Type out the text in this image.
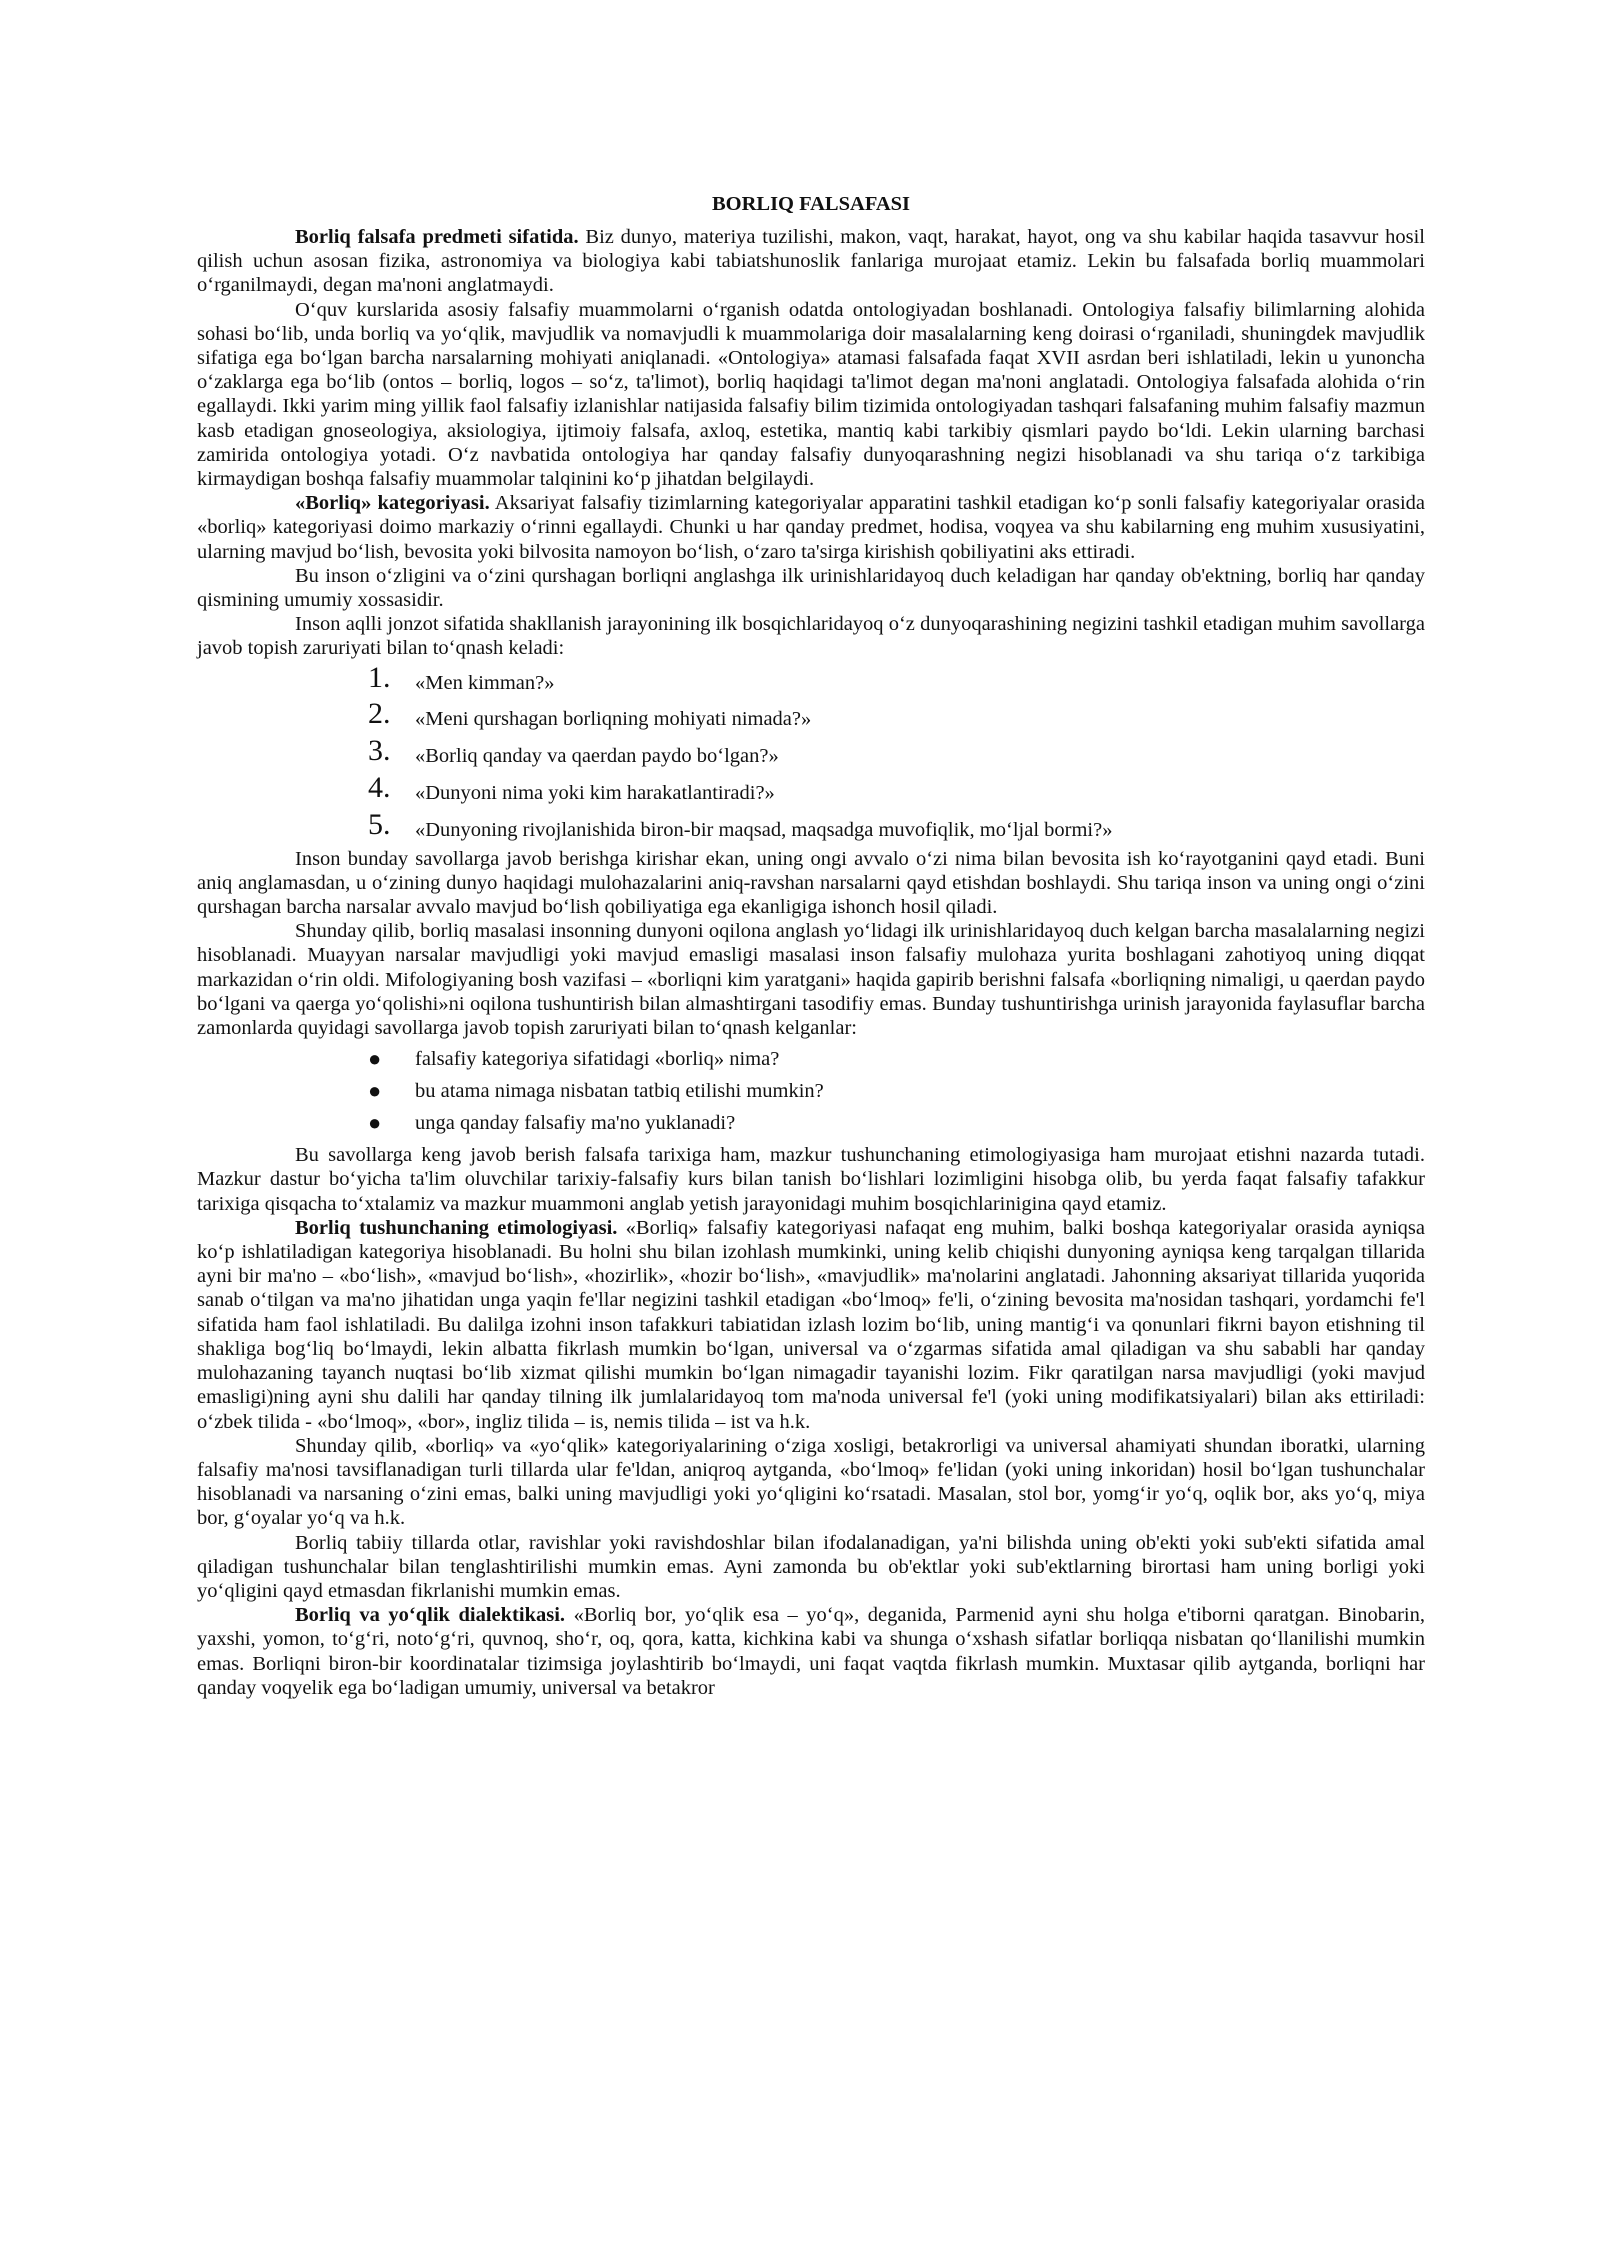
BORLIQ FALSAFASI

Borliq falsafa predmeti sifatida. Biz dunyo, materiya tuzilishi, makon, vaqt, harakat, hayot, ong va shu kabilar haqida tasavvur hosil qilish uchun asosan fizika, astronomiya va biologiya kabi tabiatshunoslik fanlariga murojaat etamiz. Lekin bu falsafada borliq muammolari oʻrganilmaydi, degan ma'noni anglatmaydi.

Oʻquv kurslarida asosiy falsafiy muammolarni oʻrganish odatda ontologiyadan boshlanadi. Ontologiya falsafiy bilimlarning alohida sohasi boʻlib, unda borliq va yoʻqlik, mavjudlik va nomavjudli k muammolariga doir masalalarning keng doirasi oʻrganiladi, shuningdek mavjudlik sifatiga ega boʻlgan barcha narsalarning mohiyati aniqlanadi. «Ontologiya» atamasi falsafada faqat XVII asrdan beri ishlatiladi, lekin u yunoncha oʻzaklarga ega boʻlib (ontos – borliq, logos – soʻz, ta'limot), borliq haqidagi ta'limot degan ma'noni anglatadi. Ontologiya falsafada alohida oʻrin egallaydi. Ikki yarim ming yillik faol falsafiy izlanishlar natijasida falsafiy bilim tizimida ontologiyadan tashqari falsafaning muhim falsafiy mazmun kasb etadigan gnoseologiya, aksiologiya, ijtimoiy falsafa, axloq, estetika, mantiq kabi tarkibiy qismlari paydo boʻldi. Lekin ularning barchasi zamirida ontologiya yotadi. Oʻz navbatida ontologiya har qanday falsafiy dunyoqarashning negizi hisoblanadi va shu tariqa oʻz tarkibiga kirmaydigan boshqa falsafiy muammolar talqinini koʻp jihatdan belgilaydi.

«Borliq» kategoriyasi. Aksariyat falsafiy tizimlarning kategoriyalar apparatini tashkil etadigan koʻp sonli falsafiy kategoriyalar orasida «borliq» kategoriyasi doimo markaziy oʻrinni egallaydi. Chunki u har qanday predmet, hodisa, voqyea va shu kabilarning eng muhim xususiyatini, ularning mavjud boʻlish, bevosita yoki bilvosita namoyon boʻlish, oʻzaro ta'sirga kirishish qobiliyatini aks ettiradi.

Bu inson oʻzligini va oʻzini qurshagan borliqni anglashga ilk urinishlaridayoq duch keladigan har qanday ob'ektning, borliq har qanday qismining umumiy xossasidir.

Inson aqlli jonzot sifatida shakllanish jarayonining ilk bosqichlaridayoq oʻz dunyoqarashining negizini tashkil etadigan muhim savollarga javob topish zaruriyati bilan toʻqnash keladi:

1. «Men kimman?»
2. «Meni qurshagan borliqning mohiyati nimada?»
3. «Borliq qanday va qaerdan paydo boʻlgan?»
4. «Dunyoni nima yoki kim harakatlantiradi?»
5. «Dunyoning rivojlanishida biron-bir maqsad, maqsadga muvofiqlik, moʻljal bormi?»

Inson bunday savollarga javob berishga kirishar ekan, uning ongi avvalo oʻzi nima bilan bevosita ish koʻrayotganini qayd etadi. Buni aniq anglamasdan, u oʻzining dunyo haqidagi mulohazalarini aniq-ravshan narsalarni qayd etishdan boshlaydi. Shu tariqa inson va uning ongi oʻzini qurshagan barcha narsalar avvalo mavjud boʻlish qobiliyatiga ega ekanligiga ishonch hosil qiladi.

Shunday qilib, borliq masalasi insonning dunyoni oqilona anglash yoʻlidagi ilk urinishlaridayoq duch kelgan barcha masalalarning negizi hisoblanadi. Muayyan narsalar mavjudligi yoki mavjud emasligi masalasi inson falsafiy mulohaza yurita boshlagani zahotiyoq uning diqqat markazidan oʻrin oldi. Mifologiyaning bosh vazifasi – «borliqni kim yaratgani» haqida gapirib berishni falsafa «borliqning nimaligi, u qaerdan paydo boʻlgani va qaerga yoʻqolishi»ni oqilona tushuntirish bilan almashtirgani tasodifiy emas. Bunday tushuntirishga urinish jarayonida faylasuflar barcha zamonlarda quyidagi savollarga javob topish zaruriyati bilan toʻqnash kelganlar:

● falsafiy kategoriya sifatidagi «borliq» nima?
● bu atama nimaga nisbatan tatbiq etilishi mumkin?
● unga qanday falsafiy ma'no yuklanadi?

Bu savollarga keng javob berish falsafa tarixiga ham, mazkur tushunchaning etimologiyasiga ham murojaat etishni nazarda tutadi. Mazkur dastur boʻyicha ta'lim oluvchilar tarixiy-falsafiy kurs bilan tanish boʻlishlari lozimligini hisobga olib, bu yerda faqat falsafiy tafakkur tarixiga qisqacha toʻxtalamiz va mazkur muammoni anglab yetish jarayonidagi muhim bosqichlarinigina qayd etamiz.

Borliq tushunchaning etimologiyasi. «Borliq» falsafiy kategoriyasi nafaqat eng muhim, balki boshqa kategoriyalar orasida ayniqsa koʻp ishlatiladigan kategoriya hisoblanadi. Bu holni shu bilan izohlash mumkinki, uning kelib chiqishi dunyoning ayniqsa keng tarqalgan tillarida ayni bir ma'no – «boʻlish», «mavjud boʻlish», «hozirlik», «hozir boʻlish», «mavjudlik» ma'nolarini anglatadi. Jahonning aksariyat tillarida yuqorida sanab oʻtilgan va ma'no jihatidan unga yaqin fe'llar negizini tashkil etadigan «boʻlmoq» fe'li, oʻzining bevosita ma'nosidan tashqari, yordamchi fe'l sifatida ham faol ishlatiladi. Bu dalilga izohni inson tafakkuri tabiatidan izlash lozim boʻlib, uning mantigʻi va qonunlari fikrni bayon etishning til shakliga bogʻliq boʻlmaydi, lekin albatta fikrlash mumkin boʻlgan, universal va oʻzgarmas sifatida amal qiladigan va shu sababli har qanday mulohazaning tayanch nuqtasi boʻlib xizmat qilishi mumkin boʻlgan nimagadir tayanishi lozim. Fikr qaratilgan narsa mavjudligi (yoki mavjud emasligi)ning ayni shu dalili har qanday tilning ilk jumlalaridayoq tom ma'noda universal fe'l (yoki uning modifikatsiyalari) bilan aks ettiriladi: oʻzbek tilida - «boʻlmoq», «bor», ingliz tilida – is, nemis tilida – ist va h.k.

Shunday qilib, «borliq» va «yoʻqlik» kategoriyalarining oʻziga xosligi, betakrorligi va universal ahamiyati shundan iboratki, ularning falsafiy ma'nosi tavsiflanadigan turli tillarda ular fe'ldan, aniqroq aytganda, «boʻlmoq» fe'lidan (yoki uning inkoridan) hosil boʻlgan tushunchalar hisoblanadi va narsaning oʻzini emas, balki uning mavjudligi yoki yoʻqligini koʻrsatadi. Masalan, stol bor, yomgʻir yoʻq, oqlik bor, aks yoʻq, miya bor, gʻoyalar yoʻq va h.k.

Borliq tabiiy tillarda otlar, ravishlar yoki ravishdoshlar bilan ifodalanadigan, ya'ni bilishda uning ob'ekti yoki sub'ekti sifatida amal qiladigan tushunchalar bilan tenglashtirilishi mumkin emas. Ayni zamonda bu ob'ektlar yoki sub'ektlarning birortasi ham uning borligi yoki yoʻqligini qayd etmasdan fikrlanishi mumkin emas.

Borliq va yoʻqlik dialektikasi. «Borliq bor, yoʻqlik esa – yoʻq», deganida, Parmenid ayni shu holga e'tiborni qaratgan. Binobarin, yaxshi, yomon, toʻgʻri, notoʻgʻri, quvnoq, shoʻr, oq, qora, katta, kichkina kabi va shunga oʻxshash sifatlar borliqqa nisbatan qoʻllanilishi mumkin emas. Borliqni biron-bir koordinatalar tizimsiga joylashtirib boʻlmaydi, uni faqat vaqtda fikrlash mumkin. Muxtasar qilib aytganda, borliqni har qanday voqyelik ega boʻladigan umumiy, universal va betakror
